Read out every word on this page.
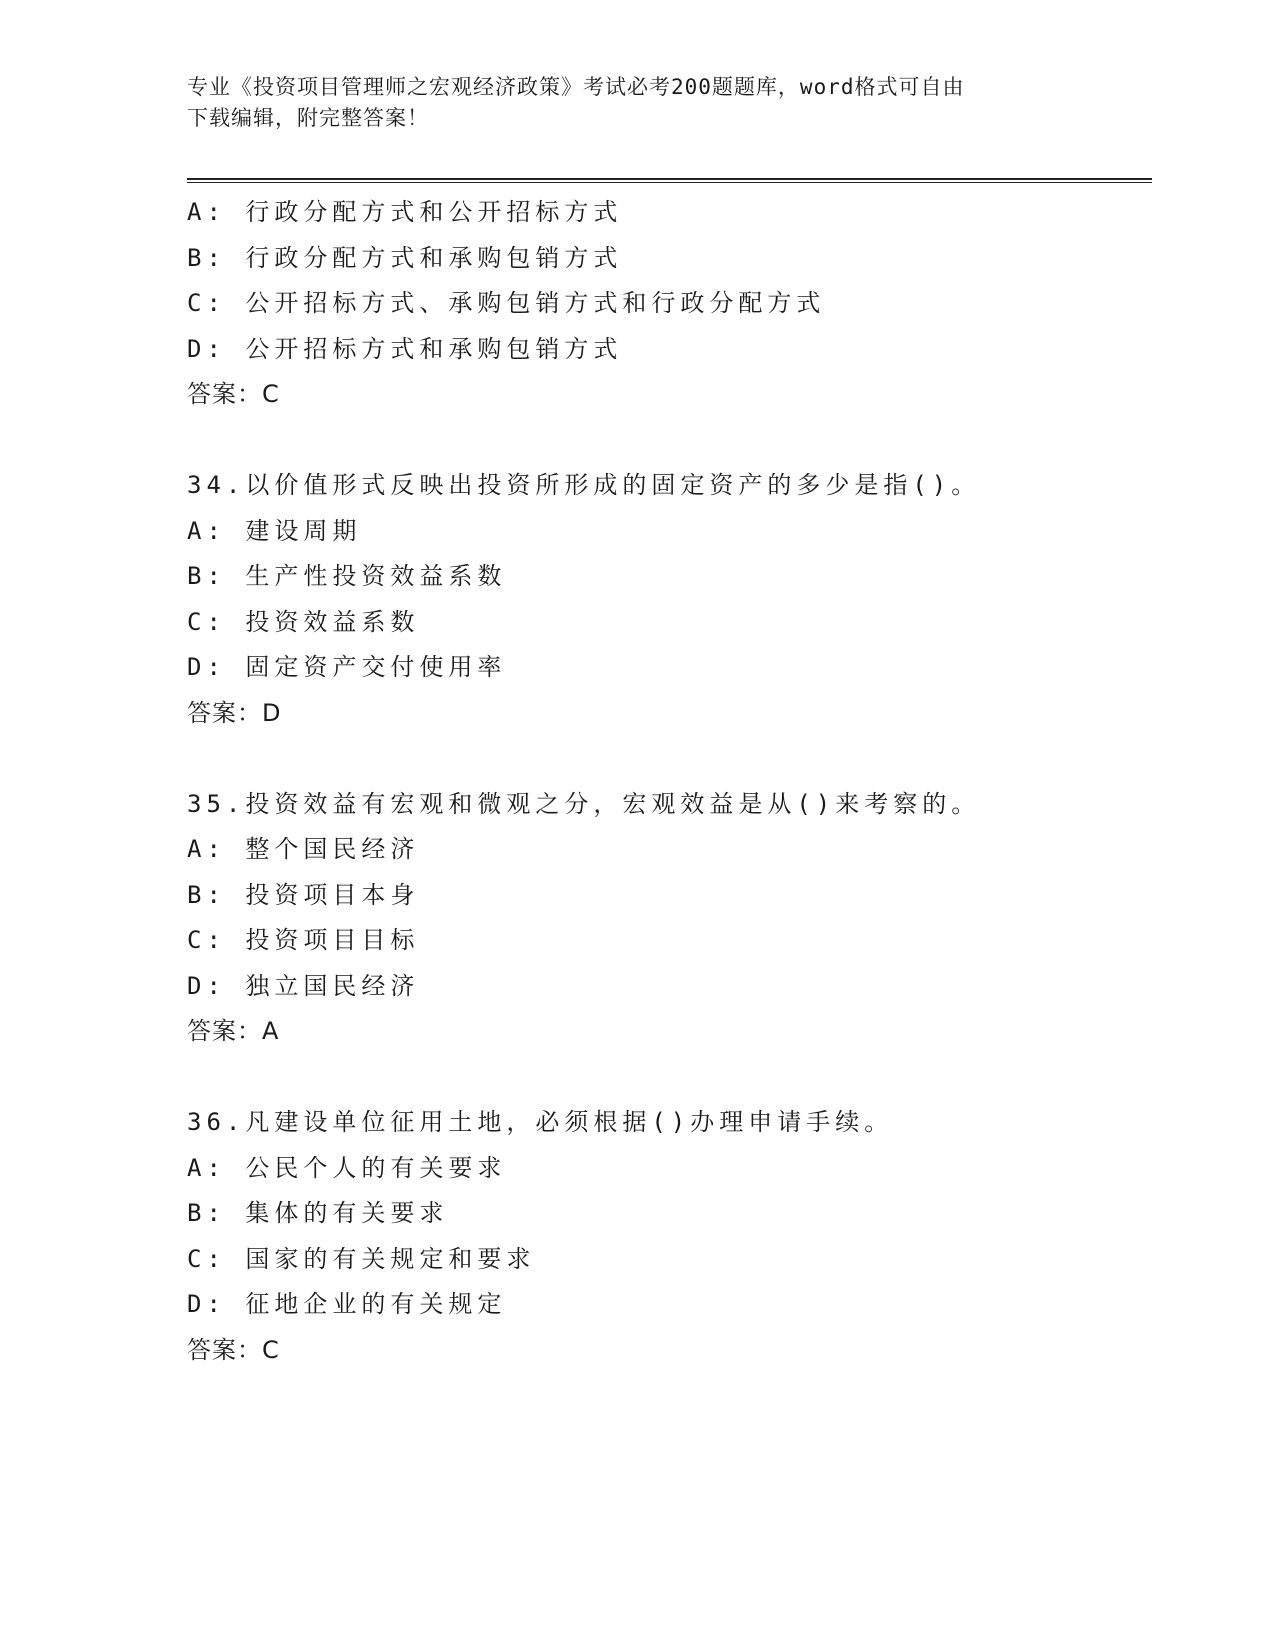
专业《投资项目管理师之宏观经济政策》考试必考200题题库，word格式可自由
下载编辑，附完整答案！
A: 行政分配方式和公开招标方式
B: 行政分配方式和承购包销方式
C: 公开招标方式、承购包销方式和行政分配方式
D: 公开招标方式和承购包销方式
答案：C
34.以价值形式反映出投资所形成的固定资产的多少是指()。
A: 建设周期
B: 生产性投资效益系数
C: 投资效益系数
D: 固定资产交付使用率
答案：D
35.投资效益有宏观和微观之分，宏观效益是从()来考察的。
A: 整个国民经济
B: 投资项目本身
C: 投资项目目标
D: 独立国民经济
答案：A
36.凡建设单位征用土地，必须根据()办理申请手续。
A: 公民个人的有关要求
B: 集体的有关要求
C: 国家的有关规定和要求
D: 征地企业的有关规定
答案：C
